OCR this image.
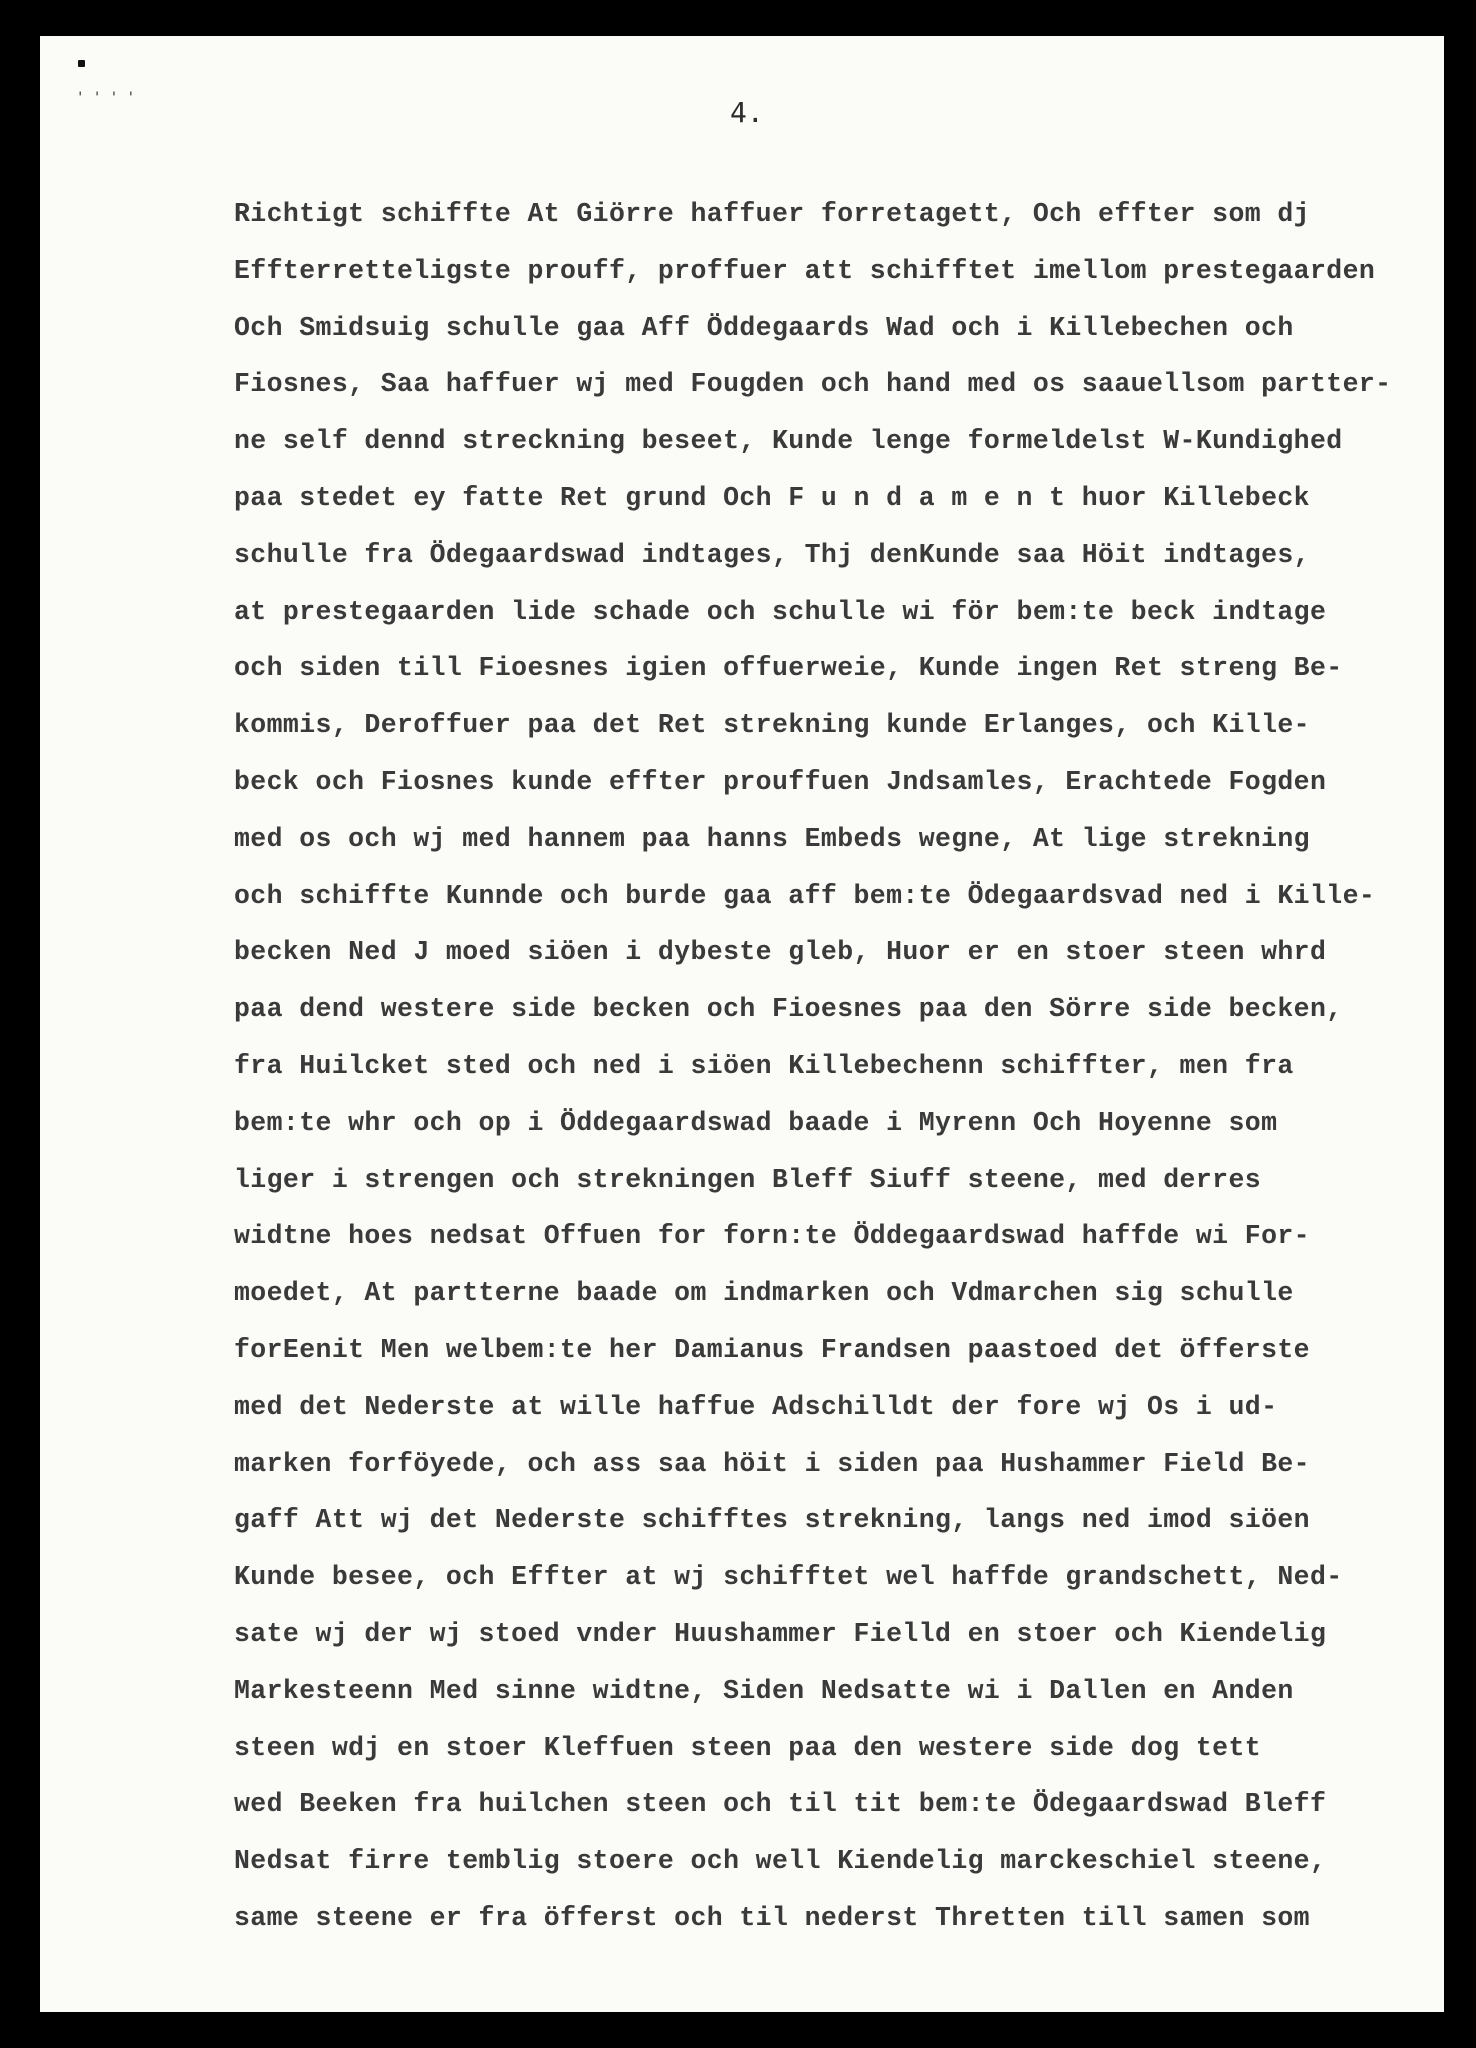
' ' ' '	4.
Richtigt schiffte At Giörre haffuer forretagett, Och effter som dj
Effterretteligste prouff, proffuer att schifftet imellom prestegaarden
Och Smidsuig schulle gaa Aff Öddegaards Wad och i Killebechen och
Fiosnes, Saa haffuer wj med Fougden och hand med os saauellsom partter-
ne self dennd streckning beseet, Kunde lenge formeldelst W-Kundighed
paa stedet ey fatte Ret grund Och F u n d a m e n t huor Killebeck
schulle fra Ödegaardswad indtages, Thj denKunde saa Höit indtages,
at prestegaarden lide schade och schulle wi för bem:te beck indtage
och siden till Fioesnes igien offuerweie, Kunde ingen Ret streng Be-
kommis, Deroffuer paa det Ret strekning kunde Erlanges, och Kille-
beck och Fiosnes kunde effter prouffuen Jndsamles, Erachtede Fogden
med os och wj med hannem paa hanns Embeds wegne, At lige strekning
och schiffte Kunnde och burde gaa aff bem:te Ödegaardsvad ned i Kille-
becken Ned J moed siöen i dybeste gleb, Huor er en stoer steen whrd
paa dend westere side becken och Fioesnes paa den Sörre side becken,
fra Huilcket sted och ned i siöen Killebechenn schiffter, men fra
bem:te whr och op i Öddegaardswad baade i Myrenn Och Hoyenne som
liger i strengen och strekningen Bleff Siuff steene, med derres
widtne hoes nedsat Offuen for forn:te Öddegaardswad haffde wi For-
moedet, At partterne baade om indmarken och Vdmarchen sig schulle
forEenit Men welbem:te her Damianus Frandsen paastoed det öfferste
med det Nederste at wille haffue Adschilldt der fore wj Os i ud-
marken forföyede, och ass saa höit i siden paa Hushammer Field Be-
gaff Att wj det Nederste schifftes strekning, langs ned imod siöen
Kunde besee, och Effter at wj schifftet wel haffde grandschett, Ned-
sate wj der wj stoed vnder Huushammer Fielld en stoer och Kiendelig
Markesteenn Med sinne widtne, Siden Nedsatte wi i Dallen en Anden
steen wdj en stoer Kleffuen steen paa den westere side dog tett
wed Beeken fra huilchen steen och til tit bem:te Ödegaardswad Bleff
Nedsat firre temblig stoere och well Kiendelig marckeschiel steene,
same steene er fra öfferst och til nederst Thretten till samen som
